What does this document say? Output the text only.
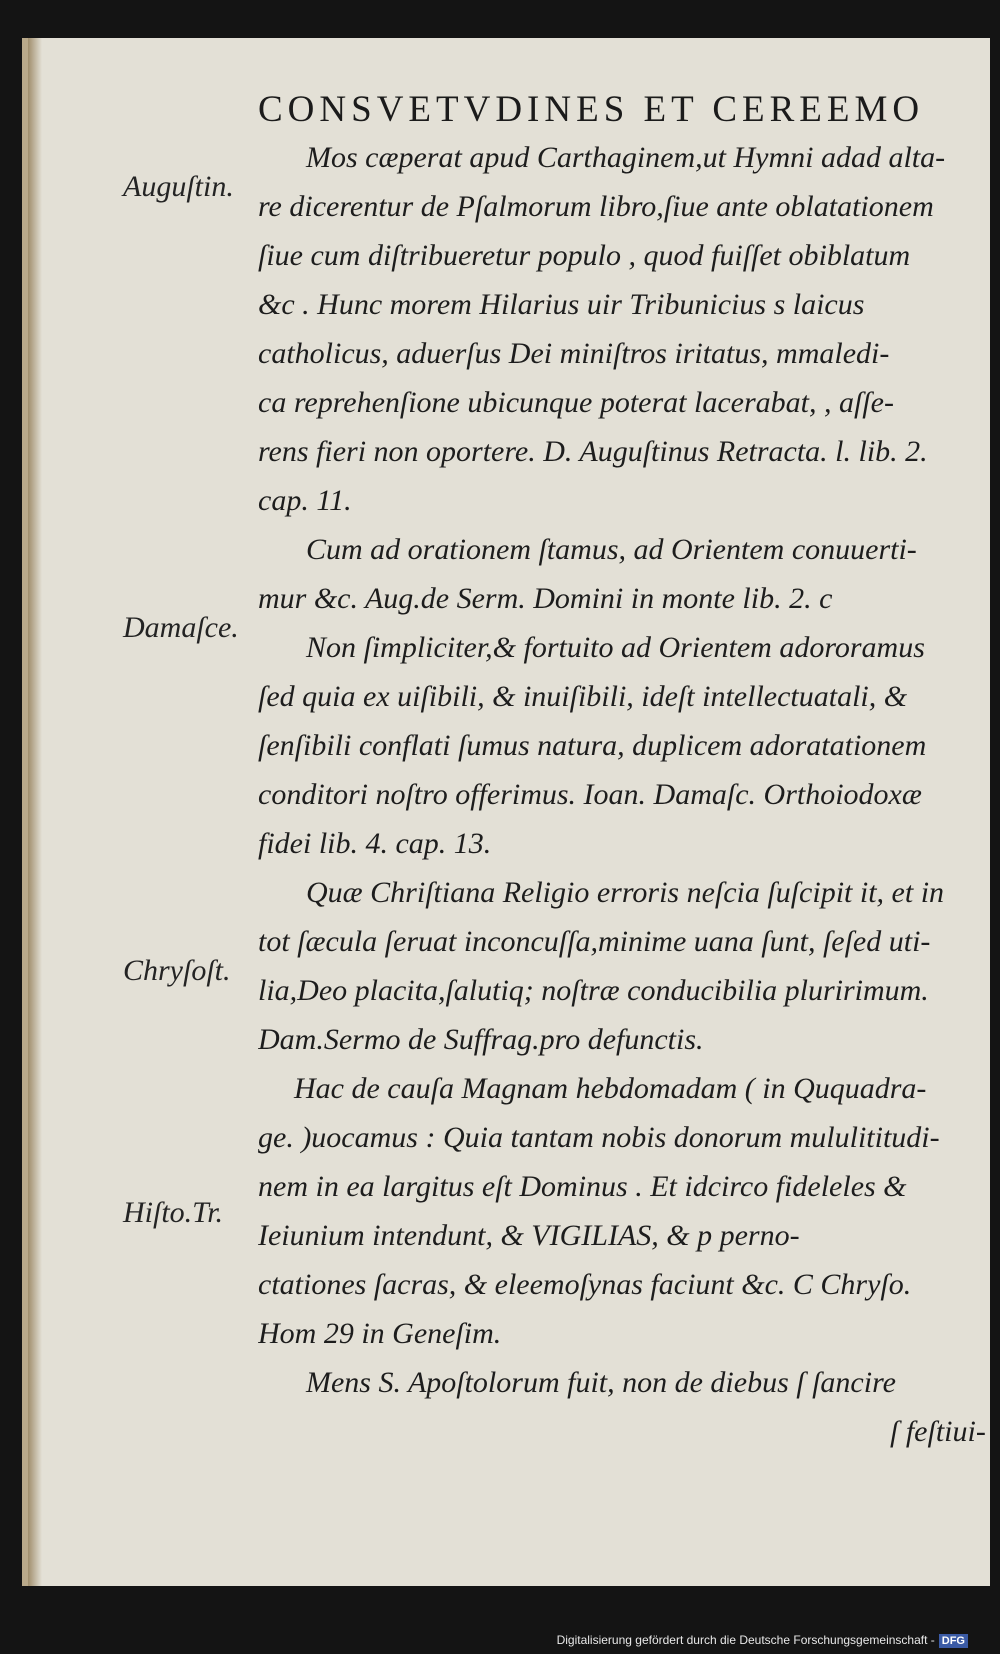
CONSVETVDINES ET CEREEMO
Auguſtin.
Damaſce.
Chryſoſt.
Hiſto.Tr.
Mos cæperat apud Carthaginem,ut Hymni adad alta-
re dicerentur de Pſalmorum libro,ſiue ante oblatationem
ſiue cum diſtribueretur populo , quod fuiſſet obiblatum
&c . Hunc morem Hilarius uir Tribunicius s laicus
catholicus, aduerſus Dei miniſtros iritatus, mmaledi-
ca reprehenſione ubicunque poterat lacerabat, , aſſe-
rens fieri non oportere. D. Auguſtinus Retracta. l. lib. 2.
cap. 11.
Cum ad orationem ſtamus, ad Orientem conuuerti-
mur &c. Aug.de Serm. Domini in monte lib. 2. c
Non ſimpliciter,& fortuito ad Orientem adororamus
ſed quia ex uiſibili, & inuiſibili, ideſt intellectuatali, &
ſenſibili conflati ſumus natura, duplicem adoratationem
conditori noſtro offerimus. Ioan. Damaſc. Orthoiodoxæ
fidei lib. 4. cap. 13.
Quæ Chriſtiana Religio erroris neſcia ſuſcipit it, et in
tot ſæcula ſeruat inconcuſſa,minime uana ſunt, ſeſed uti-
lia,Deo placita,ſalutiq; noſtræ conducibilia pluririmum.
Dam.Sermo de Suffrag.pro defunctis.
Hac de cauſa Magnam hebdomadam ( in Ququadra-
ge. )uocamus : Quia tantam nobis donorum mululititudi-
nem in ea largitus eſt Dominus . Et idcirco fideleles &
Ieiunium intendunt, & VIGILIAS, & p perno-
ctationes ſacras, & eleemoſynas faciunt &c. C Chryſo.
Hom 29 in Geneſim.
Mens S. Apoſtolorum fuit, non de diebus ſ ſancire
ſ feſtiui-
Digitalisierung gefördert durch die Deutsche Forschungsgemeinschaft - DFG
